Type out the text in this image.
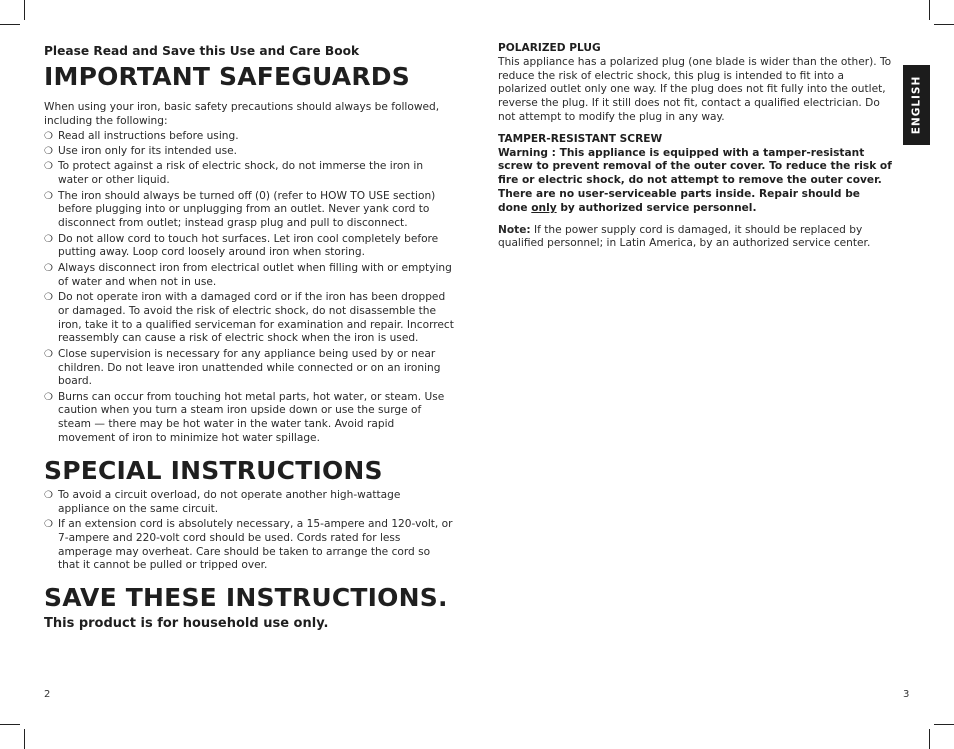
Please Read and Save this Use and Care Book
IMPORTANT SAFEGUARDS
When using your iron, basic safety precautions should always be followed, including the following:
❍ Read all instructions before using.
❍ Use iron only for its intended use.
❍ To protect against a risk of electric shock, do not immerse the iron in water or other liquid.
❍ The iron should always be turned off (0) (refer to HOW TO USE section) before plugging into or unplugging from an outlet. Never yank cord to disconnect from outlet; instead grasp plug and pull to disconnect.
❍ Do not allow cord to touch hot surfaces. Let iron cool completely before putting away. Loop cord loosely around iron when storing.
❍ Always disconnect iron from electrical outlet when filling with or emptying of water and when not in use.
❍ Do not operate iron with a damaged cord or if the iron has been dropped or damaged. To avoid the risk of electric shock, do not disassemble the iron, take it to a qualified serviceman for examination and repair. Incorrect reassembly can cause a risk of electric shock when the iron is used.
❍ Close supervision is necessary for any appliance being used by or near children. Do not leave iron unattended while connected or on an ironing board.
❍ Burns can occur from touching hot metal parts, hot water, or steam. Use caution when you turn a steam iron upside down or use the surge of steam — there may be hot water in the water tank. Avoid rapid movement of iron to minimize hot water spillage.
SPECIAL INSTRUCTIONS
❍ To avoid a circuit overload, do not operate another high-wattage appliance on the same circuit.
❍ If an extension cord is absolutely necessary, a 15-ampere and 120-volt, or 7-ampere and 220-volt cord should be used. Cords rated for less amperage may overheat. Care should be taken to arrange the cord so that it cannot be pulled or tripped over.
SAVE THESE INSTRUCTIONS.
This product is for household use only.
POLARIZED PLUG
This appliance has a polarized plug (one blade is wider than the other). To reduce the risk of electric shock, this plug is intended to fit into a polarized outlet only one way. If the plug does not fit fully into the outlet, reverse the plug. If it still does not fit, contact a qualified electrician. Do not attempt to modify the plug in any way.
TAMPER-RESISTANT SCREW
Warning : This appliance is equipped with a tamper-resistant screw to prevent removal of the outer cover. To reduce the risk of fire or electric shock, do not attempt to remove the outer cover. There are no user-serviceable parts inside. Repair should be done only by authorized service personnel.
Note: If the power supply cord is damaged, it should be replaced by qualified personnel; in Latin America, by an authorized service center.
ENGLISH
2	3
